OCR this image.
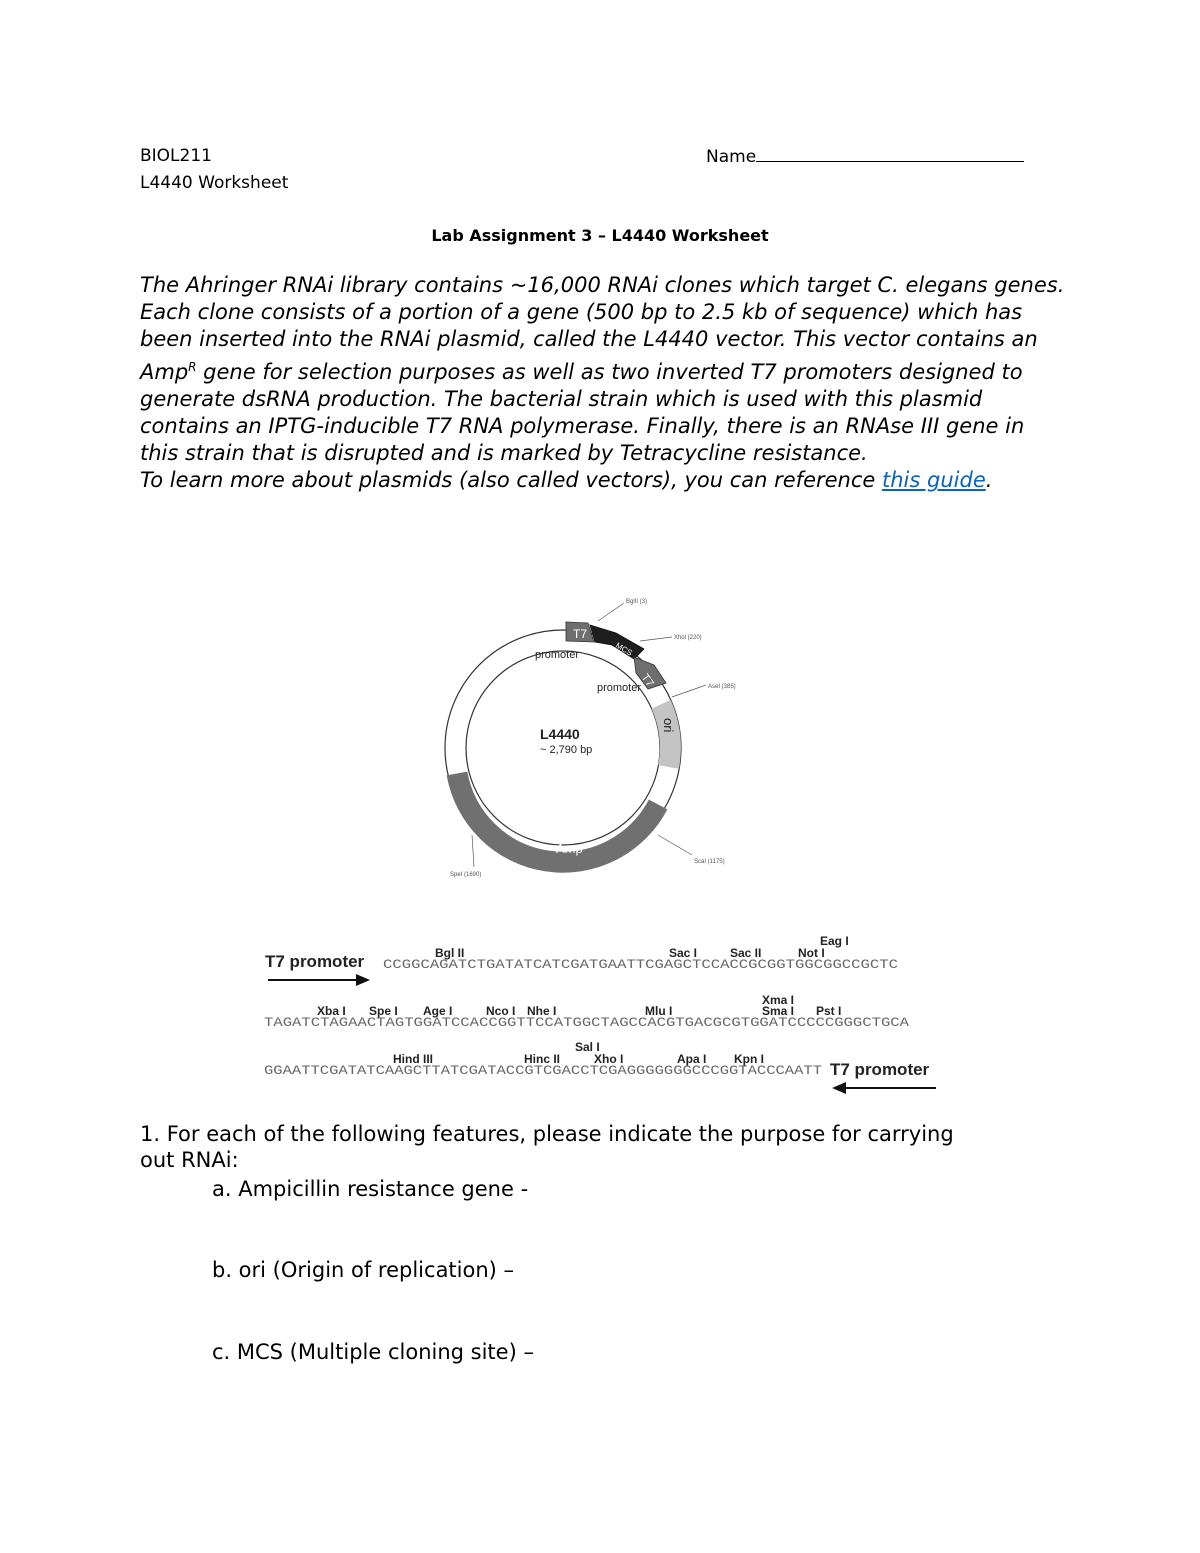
BIOL211
L4440 Worksheet
Name
Lab Assignment 3 – L4440 Worksheet

The Ahringer RNAi library contains ~16,000 RNAi clones which target C. elegans genes. Each clone consists of a portion of a gene (500 bp to 2.5 kb of sequence) which has been inserted into the RNAi plasmid, called the L4440 vector. This vector contains an Amp$^R$ gene for selection purposes as well as two inverted T7 promoters designed to generate dsRNA production. The bacterial strain which is used with this plasmid contains an IPTG-inducible T7 RNA polymerase. Finally, there is an RNAse III gene in this strain that is disrupted and is marked by Tetracycline resistance.

To learn more about plasmids (also called vectors), you can reference this guide.

T7
promoter	MCS
T7
promoter
ori
L4440
~ 2,790 bp
Amp$^r$
BglII (3)
Xhol (220)
AseI (385)
ScaI (1175)
SpeI (1690)
T7 promoter CCGGCAGATCTGATATCATCGATGAATTCGAGCTCCACCGCGGTGGCGGCCGCTC
Bgl II	Sac I	Sac II	Not I
Eag I
TAGATCTAGAACTAGTGGATCCACCGGTTCCATGGCTAGCCACGTGACGCGTGGATCCCCCGGGCTGCA
Xba I Spe I Age I	Nco I Nhe I	Mlu I
Xma I
Sma I Pst I
GGAATTCGATATCAAGCTTATCGATACCGTCGACCTCGAGGGGGGGCCCGGTACCCAATT
Hind III	Hinc II
Sal I
Xho I	Apa I Kpn I
T7 promoter
1. For each of the following features, please indicate the purpose for carrying
out RNAi:
a. Ampicillin resistance gene -
b. ori (Origin of replication) –
c. MCS (Multiple cloning site) –
